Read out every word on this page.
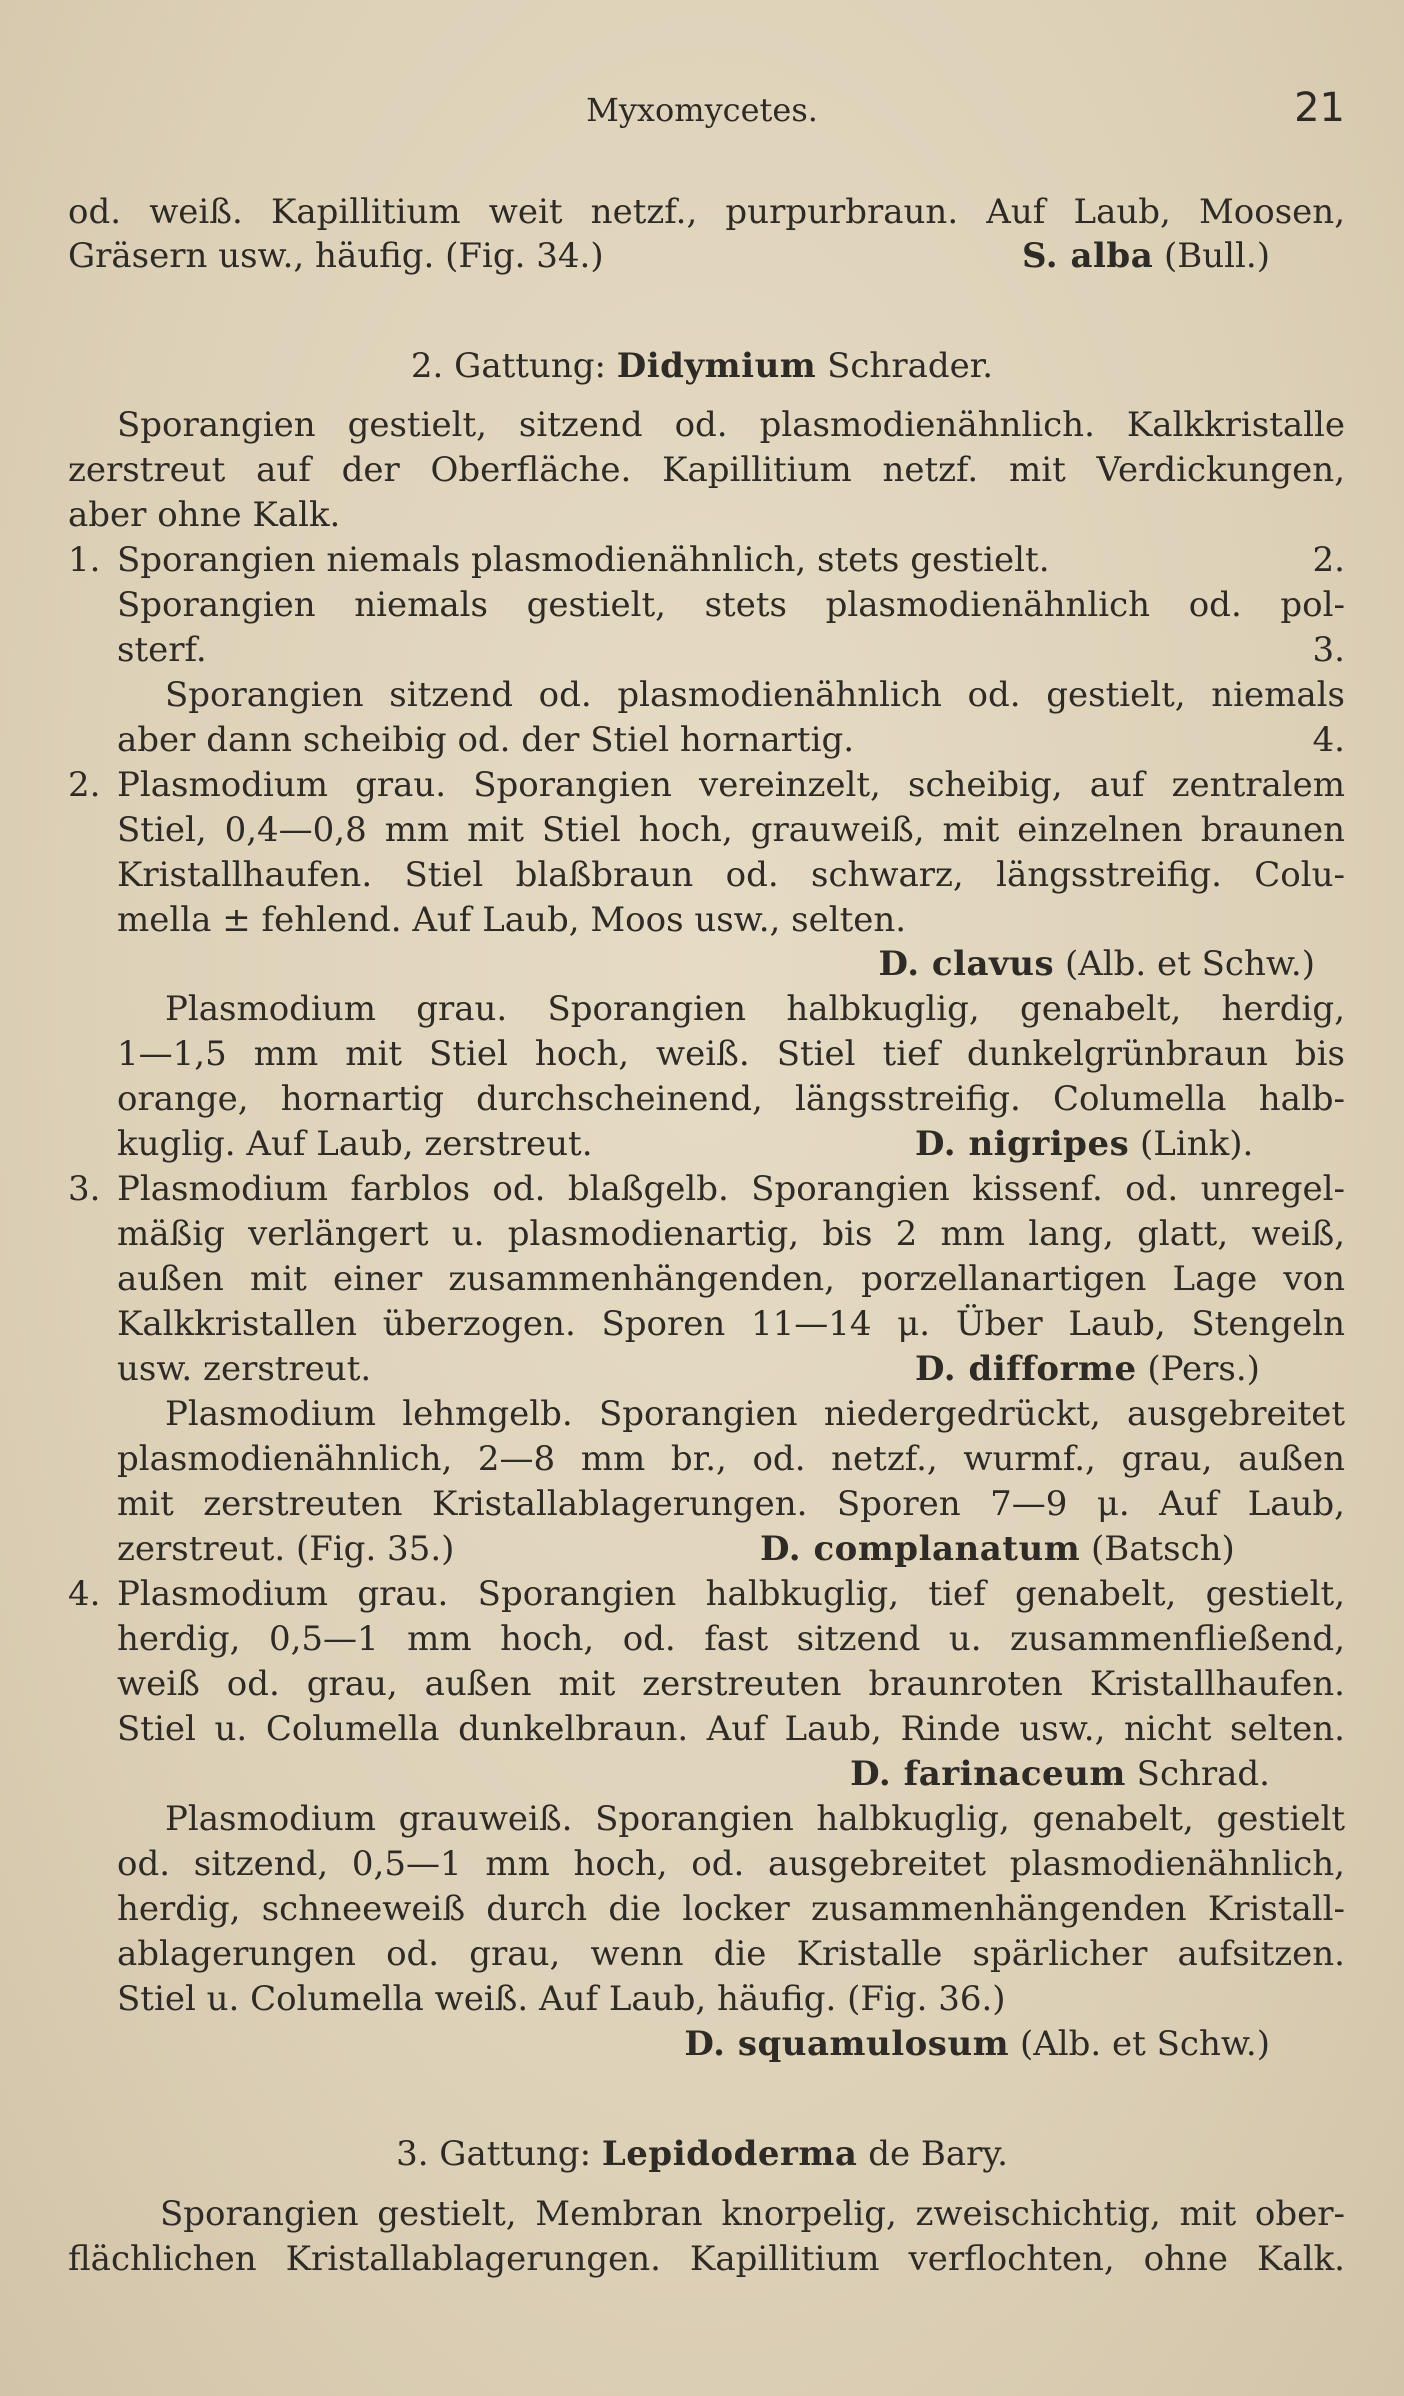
Myxomycetes.	21
od. weiß. Kapillitium weit netzf., purpurbraun. Auf Laub, Moosen,
Gräsern usw., häufig. (Fig. 34.)	S. alba (Bull.)
2. Gattung: Didymium Schrader.
Sporangien gestielt, sitzend od. plasmodienähnlich. Kalkkristalle
zerstreut auf der Oberfläche. Kapillitium netzf. mit Verdickungen,
aber ohne Kalk.
1. Sporangien niemals plasmodienähnlich, stets gestielt.	2.
Sporangien niemals gestielt, stets plasmodienähnlich od. pol-
sterf.	3.
Sporangien sitzend od. plasmodienähnlich od. gestielt, niemals
aber dann scheibig od. der Stiel hornartig.	4.
2. Plasmodium grau. Sporangien vereinzelt, scheibig, auf zentralem
Stiel, 0,4—0,8 mm mit Stiel hoch, grauweiß, mit einzelnen braunen
Kristallhaufen. Stiel blaßbraun od. schwarz, längsstreifig. Colu-
mella ± fehlend. Auf Laub, Moos usw., selten.
D. clavus (Alb. et Schw.)
Plasmodium grau. Sporangien halbkuglig, genabelt, herdig,
1—1,5 mm mit Stiel hoch, weiß. Stiel tief dunkelgrünbraun bis
orange, hornartig durchscheinend, längsstreifig. Columella halb-
kuglig. Auf Laub, zerstreut.	D. nigripes (Link).
3. Plasmodium farblos od. blaßgelb. Sporangien kissenf. od. unregel-
mäßig verlängert u. plasmodienartig, bis 2 mm lang, glatt, weiß,
außen mit einer zusammenhängenden, porzellanartigen Lage von
Kalkkristallen überzogen. Sporen 11—14 μ. Über Laub, Stengeln
usw. zerstreut.	D. difforme (Pers.)
Plasmodium lehmgelb. Sporangien niedergedrückt, ausgebreitet
plasmodienähnlich, 2—8 mm br., od. netzf., wurmf., grau, außen
mit zerstreuten Kristallablagerungen. Sporen 7—9 μ. Auf Laub,
zerstreut. (Fig. 35.)	D. complanatum (Batsch)
4. Plasmodium grau. Sporangien halbkuglig, tief genabelt, gestielt,
herdig, 0,5—1 mm hoch, od. fast sitzend u. zusammenfließend,
weiß od. grau, außen mit zerstreuten braunroten Kristallhaufen.
Stiel u. Columella dunkelbraun. Auf Laub, Rinde usw., nicht selten.
D. farinaceum Schrad.
Plasmodium grauweiß. Sporangien halbkuglig, genabelt, gestielt
od. sitzend, 0,5—1 mm hoch, od. ausgebreitet plasmodienähnlich,
herdig, schneeweiß durch die locker zusammenhängenden Kristall-
ablagerungen od. grau, wenn die Kristalle spärlicher aufsitzen.
Stiel u. Columella weiß. Auf Laub, häufig. (Fig. 36.)
D. squamulosum (Alb. et Schw.)
3. Gattung: Lepidoderma de Bary.
Sporangien gestielt, Membran knorpelig, zweischichtig, mit ober-
flächlichen Kristallablagerungen. Kapillitium verflochten, ohne Kalk.
